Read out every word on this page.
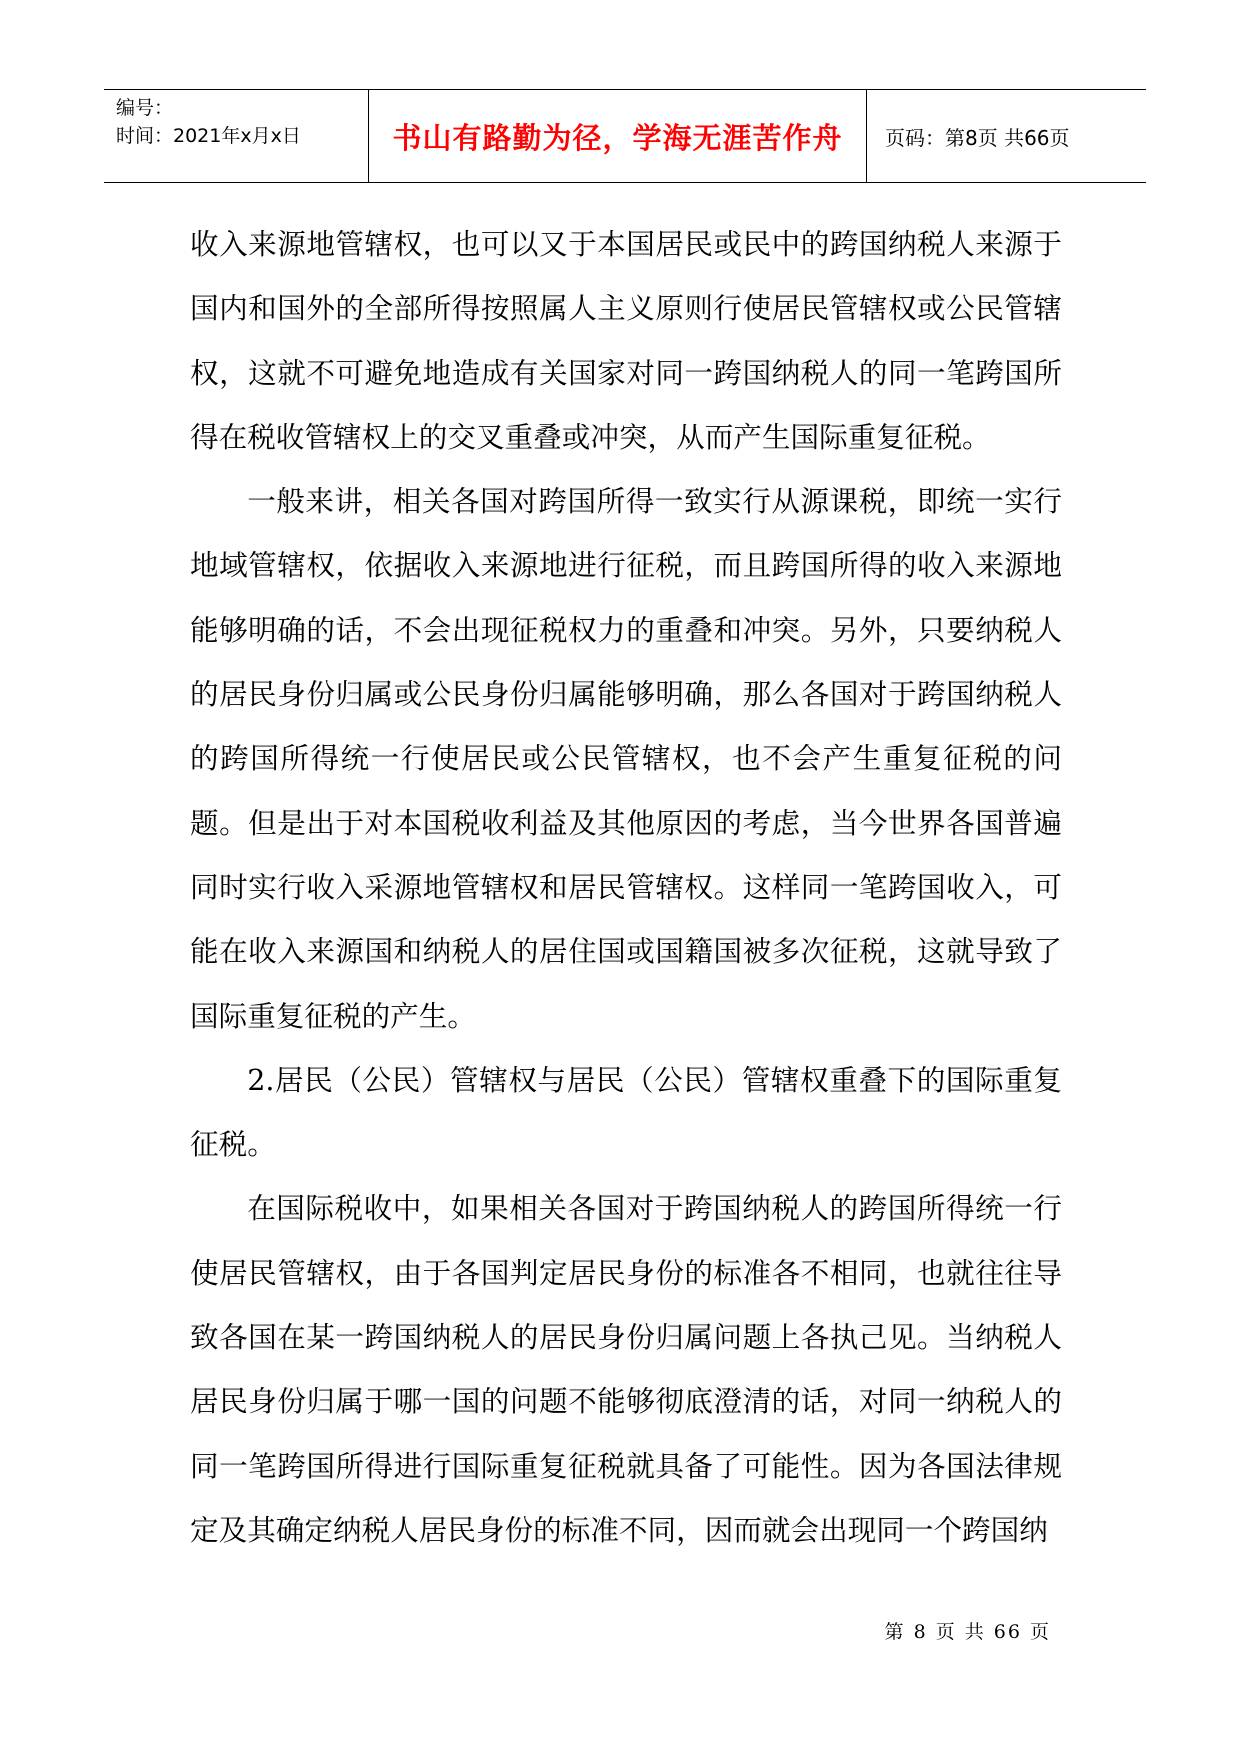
编号：
时间：2021年x月x日	书山有路勤为径，学海无涯苦作舟 页码：第8页 共66页

收入来源地管辖权，也可以又于本国居民或民中的跨国纳税人来源于国内和国外的全部所得按照属人主义原则行使居民管辖权或公民管辖权，这就不可避免地造成有关国家对同一跨国纳税人的同一笔跨国所得在税收管辖权上的交叉重叠或冲突，从而产生国际重复征税。

一般来讲，相关各国对跨国所得一致实行从源课税，即统一实行地域管辖权，依据收入来源地进行征税，而且跨国所得的收入来源地能够明确的话，不会出现征税权力的重叠和冲突。另外，只要纳税人的居民身份归属或公民身份归属能够明确，那么各国对于跨国纳税人的跨国所得统一行使居民或公民管辖权，也不会产生重复征税的问题。但是出于对本国税收利益及其他原因的考虑，当今世界各国普遍同时实行收入采源地管辖权和居民管辖权。这样同一笔跨国收入，可能在收入来源国和纳税人的居住国或国籍国被多次征税，这就导致了国际重复征税的产生。

2.居民（公民）管辖权与居民（公民）管辖权重叠下的国际重复征税。

在国际税收中，如果相关各国对于跨国纳税人的跨国所得统一行使居民管辖权，由于各国判定居民身份的标准各不相同，也就往往导致各国在某一跨国纳税人的居民身份归属问题上各执己见。当纳税人居民身份归属于哪一国的问题不能够彻底澄清的话，对同一纳税人的同一笔跨国所得进行国际重复征税就具备了可能性。因为各国法律规定及其确定纳税人居民身份的标准不同，因而就会出现同一个跨国纳

第 8 页 共 66 页
